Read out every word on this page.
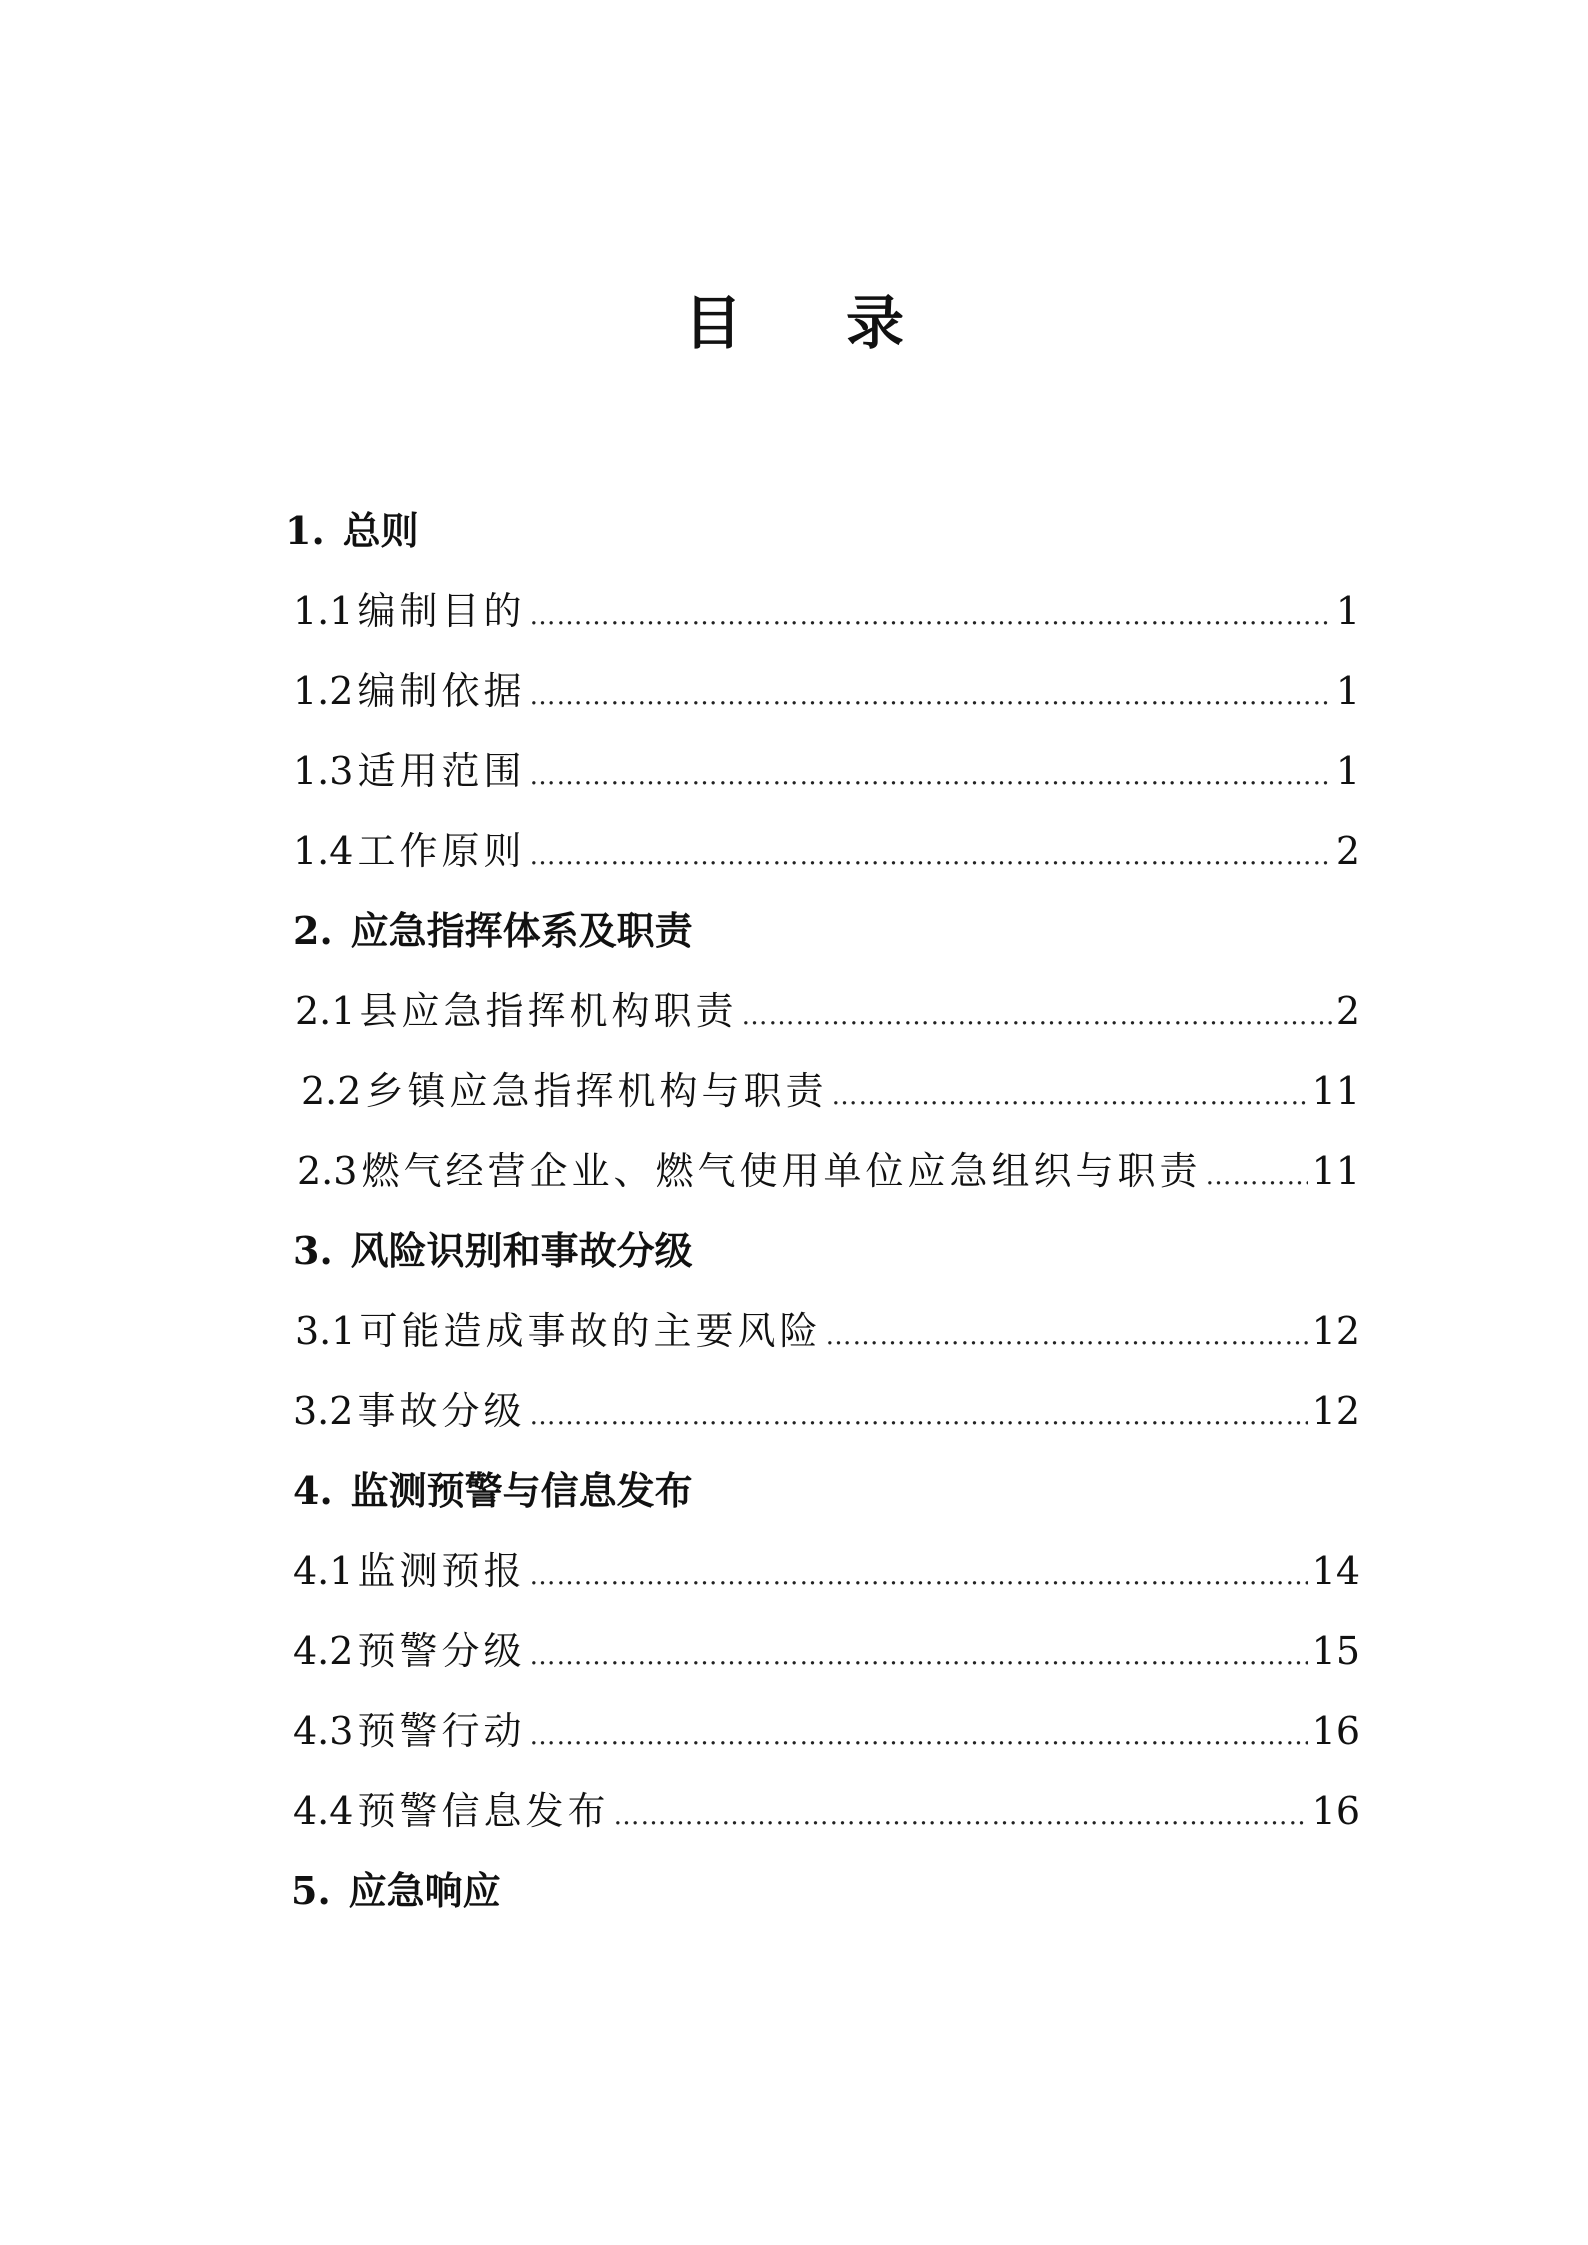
目 录
1. 总则
1.1 编制目的 ……………………………………………………………………………………………………………………………………	1
1.2 编制依据 ……………………………………………………………………………………………………………………………………	1
1.3 适用范围 ……………………………………………………………………………………………………………………………………	1
1.4 工作原则 ……………………………………………………………………………………………………………………………………	2
2. 应急指挥体系及职责
2.1 县应急指挥机构职责 ……………………………………………………………………………………………………………………………………	2
2.2 乡镇应急指挥机构与职责 ……………………………………………………………………………………………………………………………………	11
2.3 燃气经营企业、燃气使用单位应急组织与职责 ……………………………………………………………………………………………………………………………………	11
3. 风险识别和事故分级
3.1 可能造成事故的主要风险 ……………………………………………………………………………………………………………………………………	12
3.2 事故分级 ……………………………………………………………………………………………………………………………………	12
4. 监测预警与信息发布
4.1 监测预报 ……………………………………………………………………………………………………………………………………	14
4.2 预警分级 ……………………………………………………………………………………………………………………………………	15
4.3 预警行动 ……………………………………………………………………………………………………………………………………	16
4.4 预警信息发布 ……………………………………………………………………………………………………………………………………	16
5. 应急响应
